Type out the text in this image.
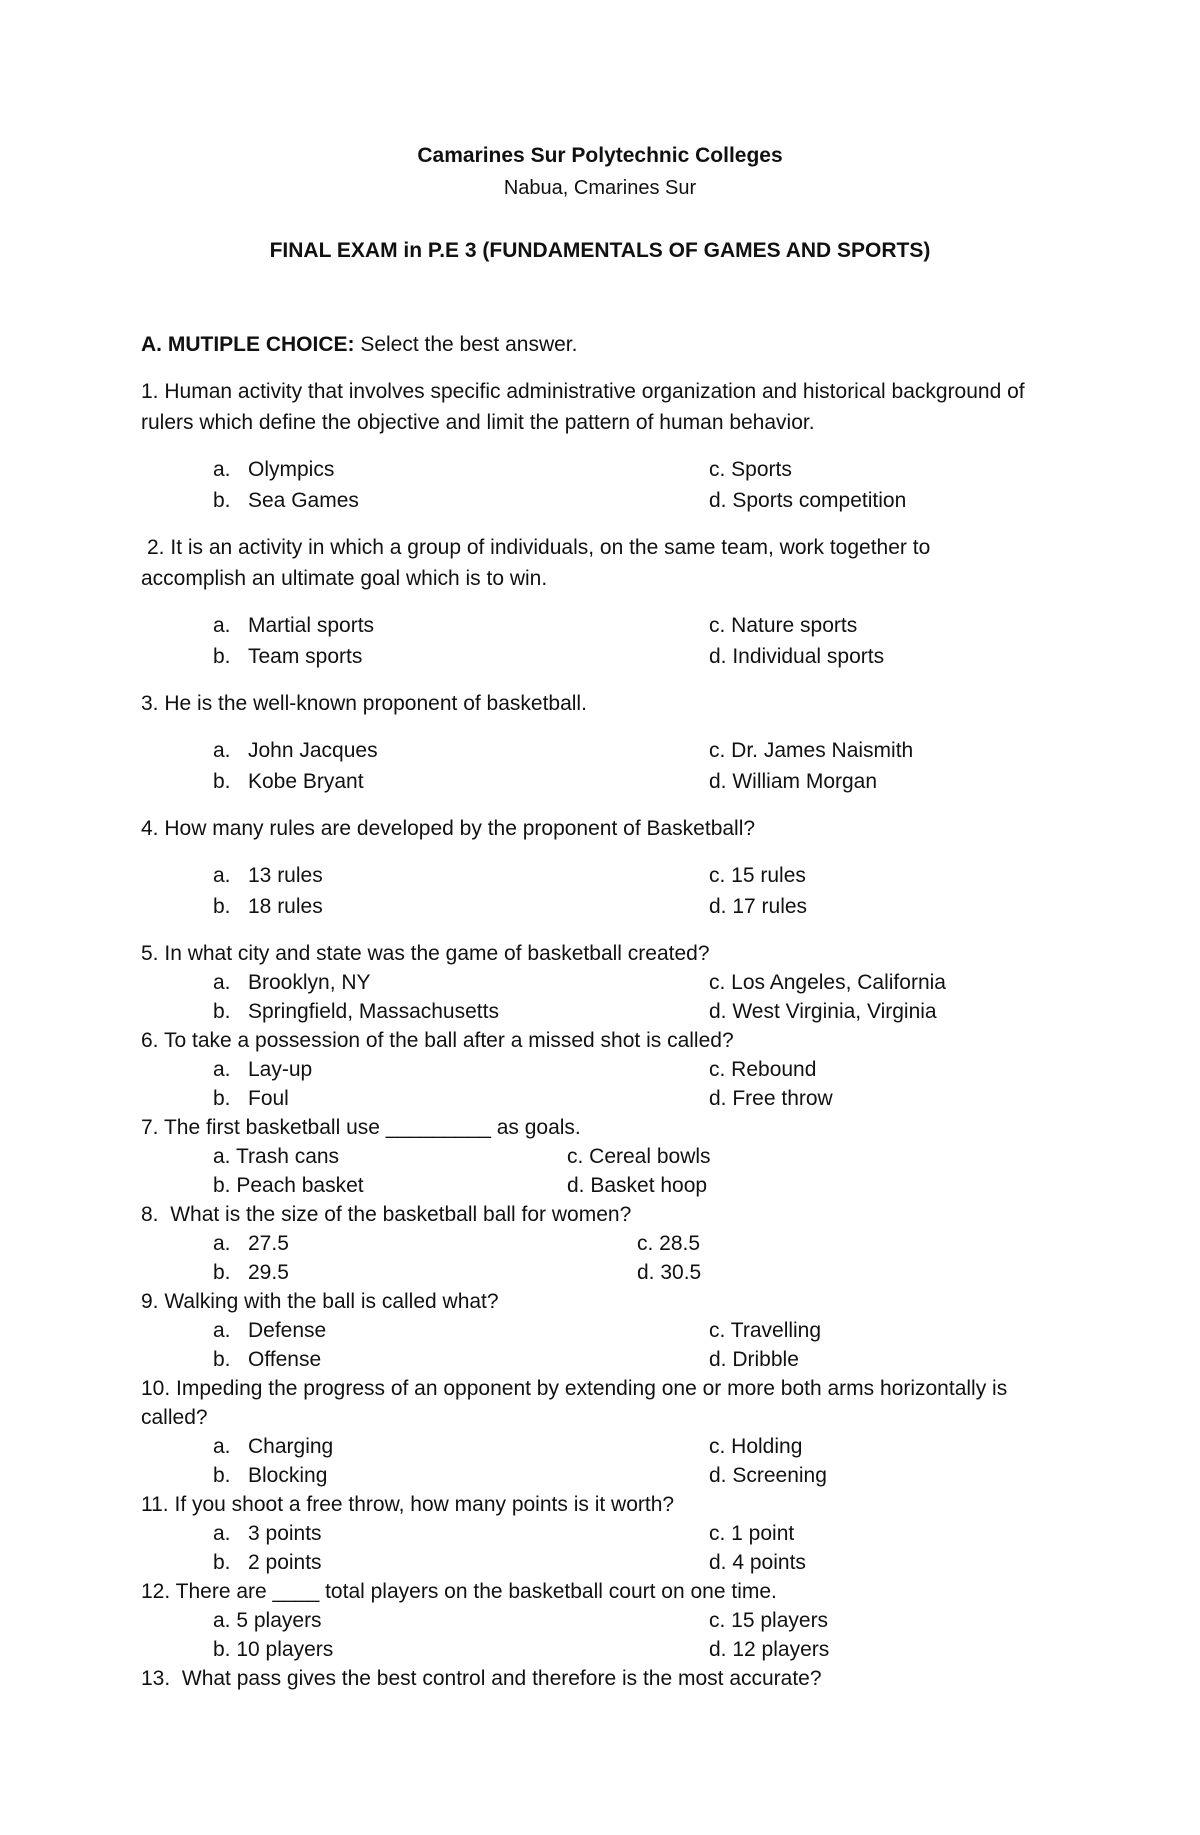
Camarines Sur Polytechnic Colleges
Nabua, Cmarines Sur
FINAL EXAM in P.E 3 (FUNDAMENTALS OF GAMES AND SPORTS)
A. MUTIPLE CHOICE: Select the best answer.
1. Human activity that involves specific administrative organization and historical background of
rulers which define the objective and limit the pattern of human behavior.
a. Olympics
b. Sea Games
c. Sports
d. Sports competition
2. It is an activity in which a group of individuals, on the same team, work together to
accomplish an ultimate goal which is to win.
a. Martial sports
b. Team sports
c. Nature sports
d. Individual sports
3. He is the well-known proponent of basketball.
a. John Jacques
b. Kobe Bryant
c. Dr. James Naismith
d. William Morgan
4. How many rules are developed by the proponent of Basketball?
a. 13 rules
b. 18 rules
c. 15 rules
d. 17 rules
5. In what city and state was the game of basketball created?
a. Brooklyn, NY
b. Springfield, Massachusetts
c. Los Angeles, California
d. West Virginia, Virginia
6. To take a possession of the ball after a missed shot is called?
a. Lay-up
b. Foul
c. Rebound
d. Free throw
7. The first basketball use _________ as goals.
a. Trash cans
b. Peach basket
c. Cereal bowls
d. Basket hoop
8. What is the size of the basketball ball for women?
a. 27.5
b. 29.5
c. 28.5
d. 30.5
9. Walking with the ball is called what?
a. Defense
b. Offense
c. Travelling
d. Dribble
10. Impeding the progress of an opponent by extending one or more both arms horizontally is
called?
a. Charging
b. Blocking
c. Holding
d. Screening
11. If you shoot a free throw, how many points is it worth?
a. 3 points
b. 2 points
c. 1 point
d. 4 points
12. There are ____ total players on the basketball court on one time.
a. 5 players
b. 10 players
c. 15 players
d. 12 players
13. What pass gives the best control and therefore is the most accurate?
